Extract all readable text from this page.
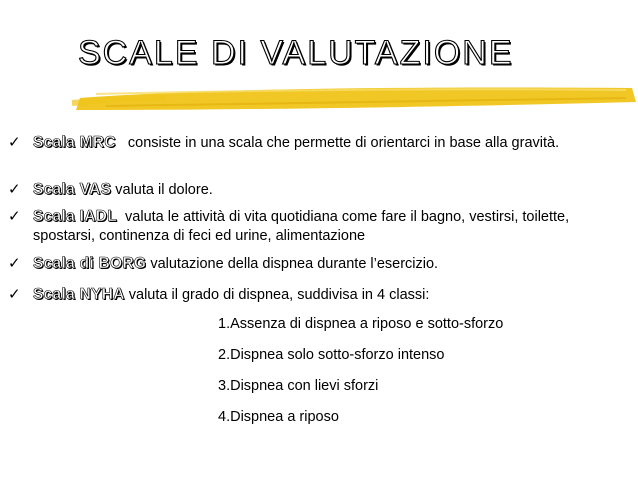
SCALE DI VALUTAZIONE
✓ Scala MRC consiste in una scala che permette di orientarci in base alla gravità.
✓ Scala VAS valuta il dolore.
✓ Scala IADL valuta le attività di vita quotidiana come fare il bagno, vestirsi, toilette, spostarsi, continenza di feci ed urine, alimentazione
✓ Scala di BORG valutazione della dispnea durante l’esercizio.
✓ Scala NYHA valuta il grado di dispnea, suddivisa in 4 classi:
1.Assenza di dispnea a riposo e sotto-sforzo
2.Dispnea solo sotto-sforzo intenso
3.Dispnea con lievi sforzi
4.Dispnea a riposo
